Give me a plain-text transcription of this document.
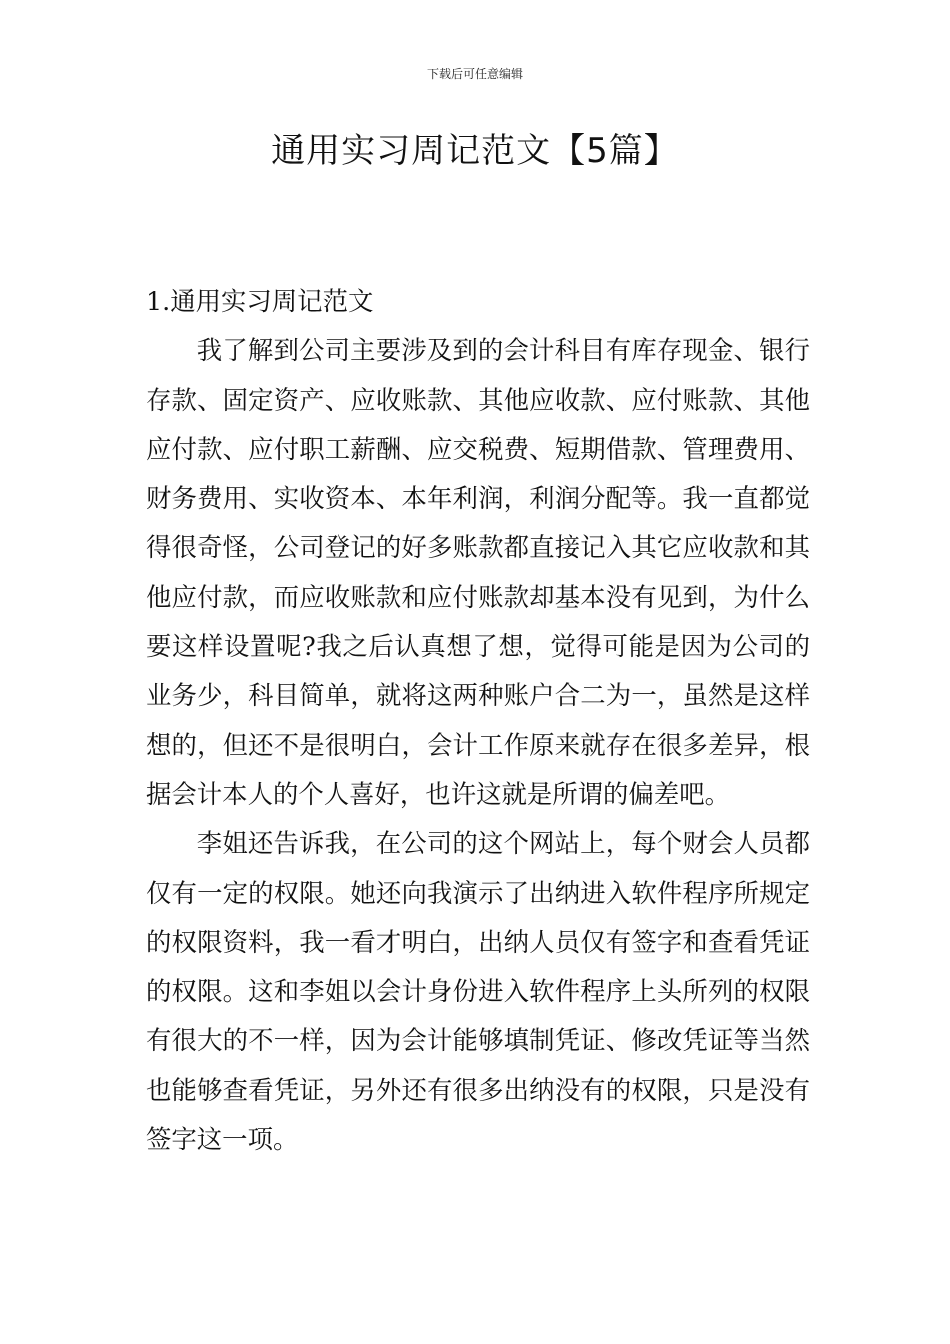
下载后可任意编辑
通用实习周记范文【5篇】
1.通用实习周记范文

我了解到公司主要涉及到的会计科目有库存现金、银行存款、固定资产、应收账款、其他应收款、应付账款、其他应付款、应付职工薪酬、应交税费、短期借款、管理费用、财务费用、实收资本、本年利润，利润分配等。我一直都觉得很奇怪，公司登记的好多账款都直接记入其它应收款和其他应付款，而应收账款和应付账款却基本没有见到，为什么要这样设置呢?我之后认真想了想，觉得可能是因为公司的业务少，科目简单，就将这两种账户合二为一，虽然是这样想的，但还不是很明白，会计工作原来就存在很多差异，根据会计本人的个人喜好，也许这就是所谓的偏差吧。

李姐还告诉我，在公司的这个网站上，每个财会人员都仅有一定的权限。她还向我演示了出纳进入软件程序所规定的权限资料，我一看才明白，出纳人员仅有签字和查看凭证的权限。这和李姐以会计身份进入软件程序上头所列的权限有很大的不一样，因为会计能够填制凭证、修改凭证等当然也能够查看凭证，另外还有很多出纳没有的权限，只是没有签字这一项。
